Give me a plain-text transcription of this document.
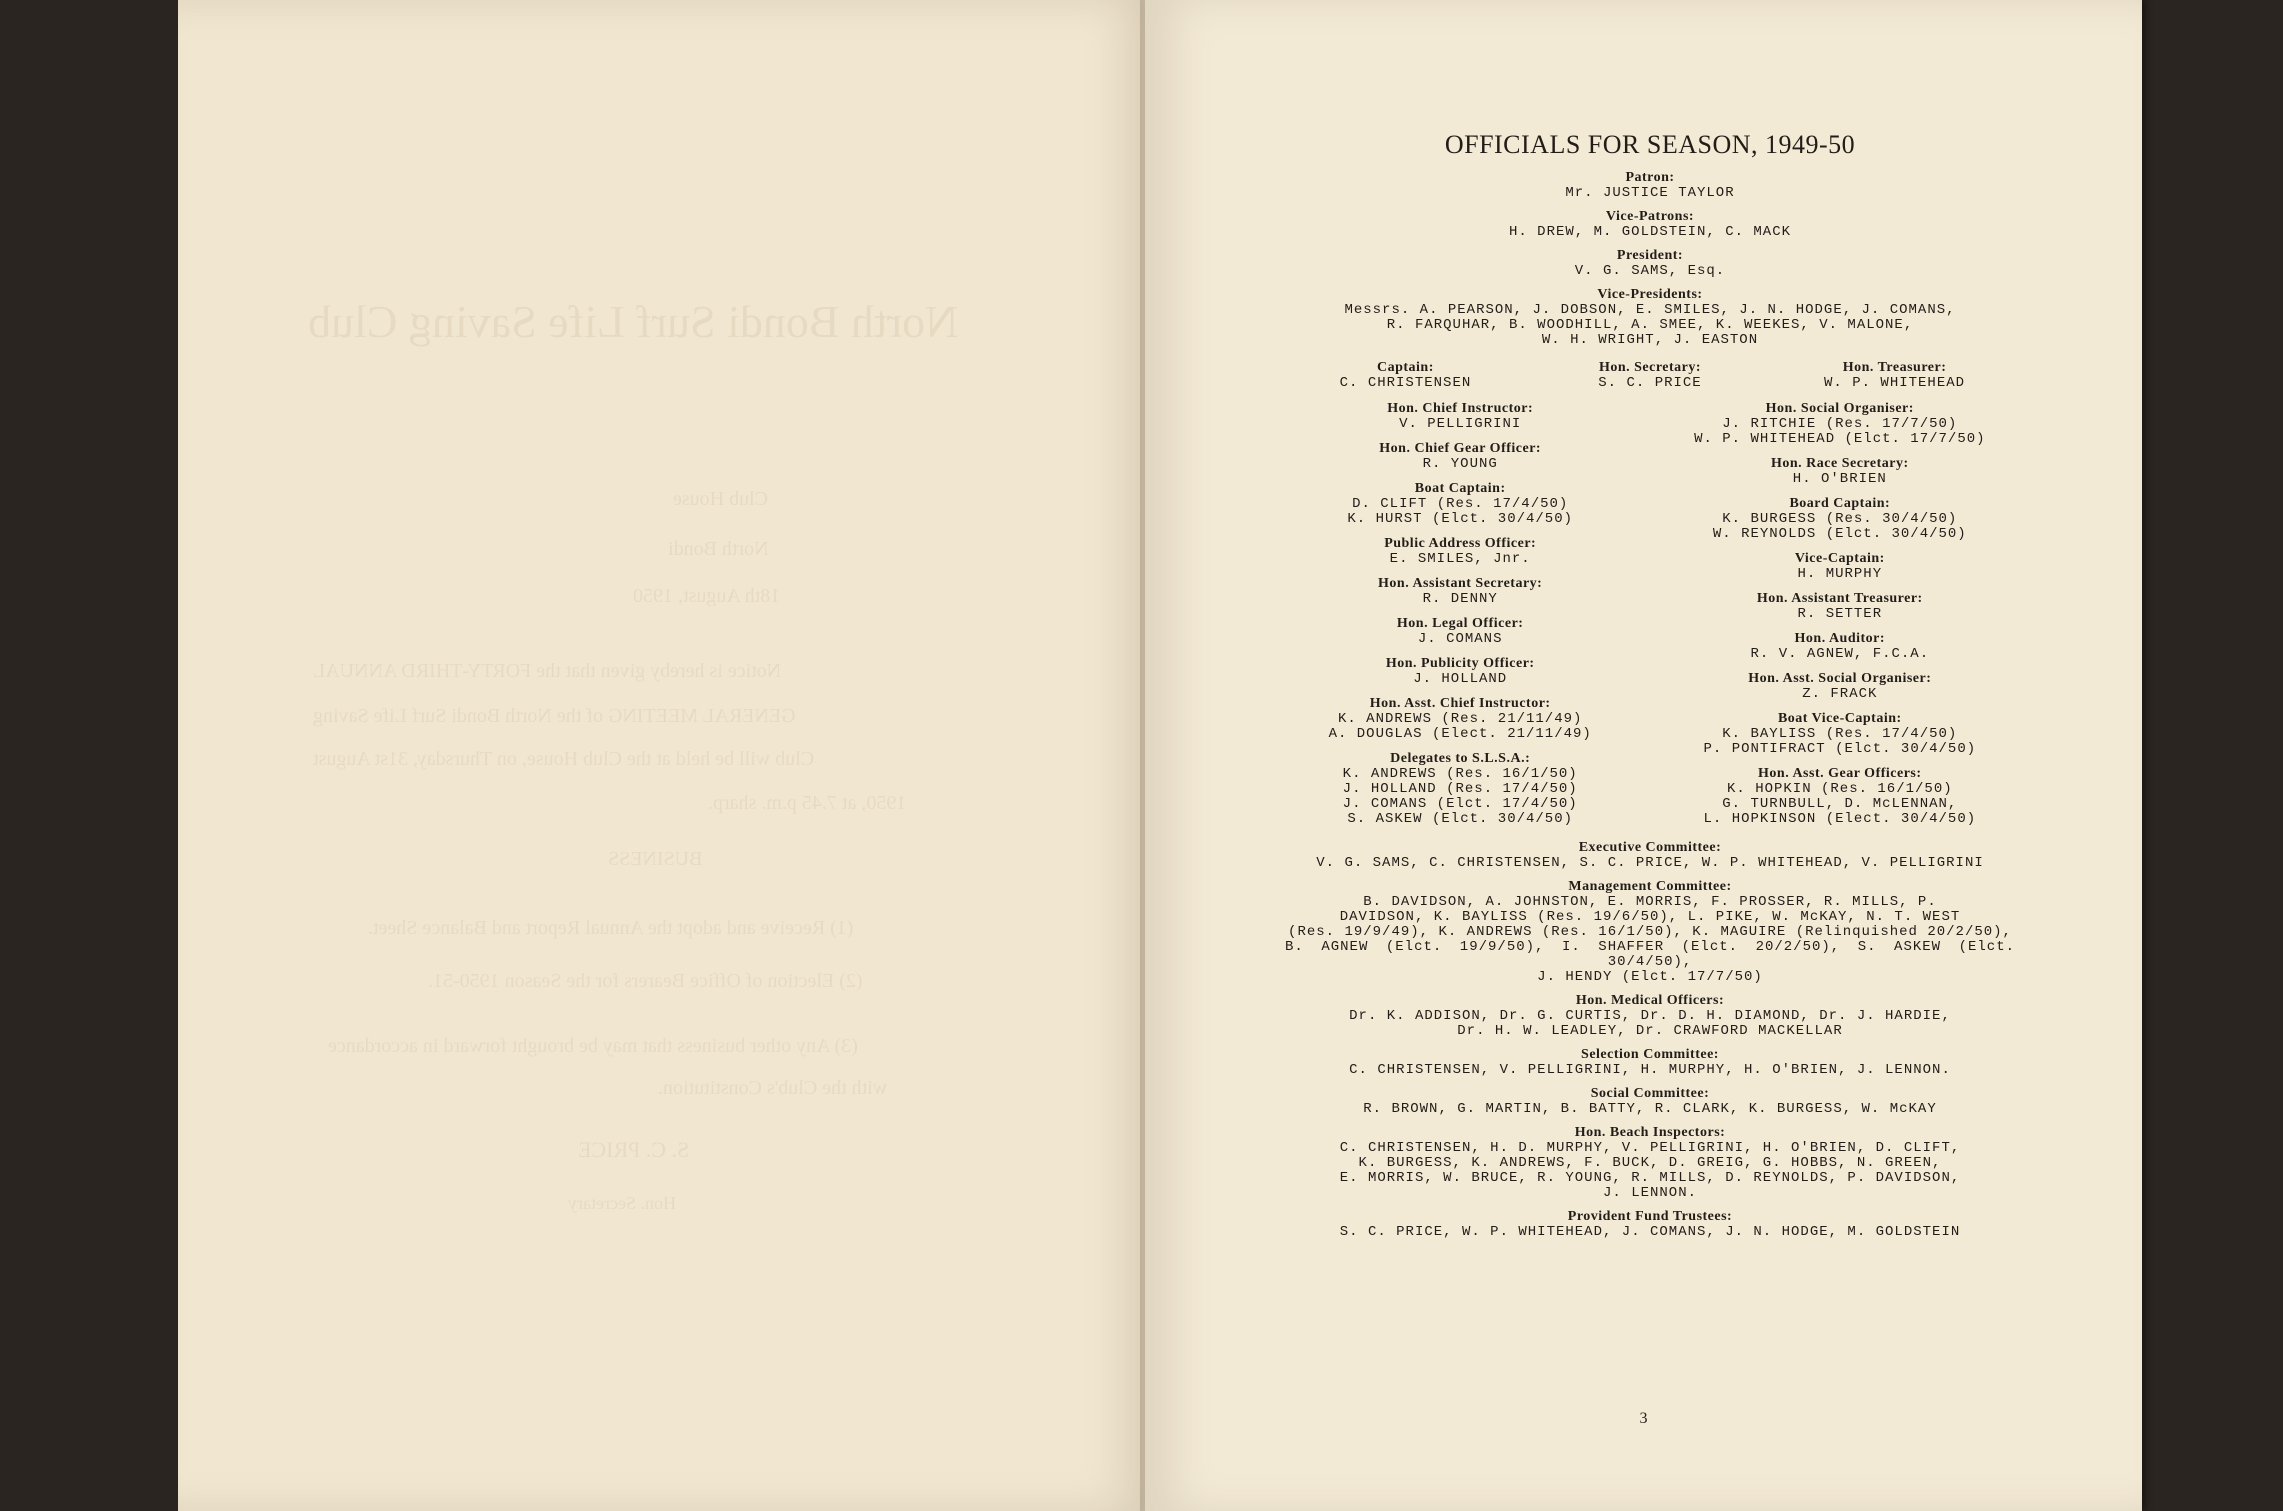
North Bondi Surf Life Saving Club
Club House
North Bondi
18th August, 1950
Notice is hereby given that the FORTY-THIRD ANNUAL
GENERAL MEETING of the North Bondi Surf Life Saving
Club will be held at the Club House, on Thursday, 31st August
1950, at 7.45 p.m. sharp.
BUSINESS
(1) Receive and adopt the Annual Report and Balance Sheet.
(2) Election of Office Bearers for the Season 1950-51.
(3) Any other business that may be brought forward in accordance
with the Club's Constitution.
S. C. PRICE
Hon. Secretary
OFFICIALS FOR SEASON, 1949-50
Patron:
Mr. JUSTICE TAYLOR
Vice-Patrons:
H. DREW, M. GOLDSTEIN, C. MACK
President:
V. G. SAMS, Esq.
Vice-Presidents:
Messrs. A. PEARSON, J. DOBSON, E. SMILES, J. N. HODGE, J. COMANS,
R. FARQUHAR, B. WOODHILL, A. SMEE, K. WEEKES, V. MALONE,
W. H. WRIGHT, J. EASTON
Captain:
C. CHRISTENSEN
Hon. Secretary:
S. C. PRICE
Hon. Treasurer:
W. P. WHITEHEAD
Hon. Chief Instructor:
V. PELLIGRINI
Hon. Chief Gear Officer:
R. YOUNG
Boat Captain:
D. CLIFT (Res. 17/4/50)
K. HURST (Elct. 30/4/50)
Public Address Officer:
E. SMILES, Jnr.
Hon. Assistant Secretary:
R. DENNY
Hon. Legal Officer:
J. COMANS
Hon. Publicity Officer:
J. HOLLAND
Hon. Asst. Chief Instructor:
K. ANDREWS (Res. 21/11/49)
A. DOUGLAS (Elect. 21/11/49)
Delegates to S.L.S.A.:
K. ANDREWS (Res. 16/1/50)
J. HOLLAND (Res. 17/4/50)
J. COMANS (Elct. 17/4/50)
S. ASKEW (Elct. 30/4/50)
Hon. Social Organiser:
J. RITCHIE (Res. 17/7/50)
W. P. WHITEHEAD (Elct. 17/7/50)
Hon. Race Secretary:
H. O'BRIEN
Board Captain:
K. BURGESS (Res. 30/4/50)
W. REYNOLDS (Elct. 30/4/50)
Vice-Captain:
H. MURPHY
Hon. Assistant Treasurer:
R. SETTER
Hon. Auditor:
R. V. AGNEW, F.C.A.
Hon. Asst. Social Organiser:
Z. FRACK
Boat Vice-Captain:
K. BAYLISS (Res. 17/4/50)
P. PONTIFRACT (Elct. 30/4/50)
Hon. Asst. Gear Officers:
K. HOPKIN (Res. 16/1/50)
G. TURNBULL, D. McLENNAN,
L. HOPKINSON (Elect. 30/4/50)
Executive Committee:
V. G. SAMS, C. CHRISTENSEN, S. C. PRICE, W. P. WHITEHEAD, V. PELLIGRINI
Management Committee:
B. DAVIDSON, A. JOHNSTON, E. MORRIS, F. PROSSER, R. MILLS, P.
DAVIDSON, K. BAYLISS (Res. 19/6/50), L. PIKE, W. McKAY, N. T. WEST
(Res. 19/9/49), K. ANDREWS (Res. 16/1/50), K. MAGUIRE (Relinquished 20/2/50),
B. AGNEW (Elct. 19/9/50), I. SHAFFER (Elct. 20/2/50), S. ASKEW (Elct. 30/4/50),
J. HENDY (Elct. 17/7/50)
Hon. Medical Officers:
Dr. K. ADDISON, Dr. G. CURTIS, Dr. D. H. DIAMOND, Dr. J. HARDIE,
Dr. H. W. LEADLEY, Dr. CRAWFORD MACKELLAR
Selection Committee:
C. CHRISTENSEN, V. PELLIGRINI, H. MURPHY, H. O'BRIEN, J. LENNON.
Social Committee:
R. BROWN, G. MARTIN, B. BATTY, R. CLARK, K. BURGESS, W. McKAY
Hon. Beach Inspectors:
C. CHRISTENSEN, H. D. MURPHY, V. PELLIGRINI, H. O'BRIEN, D. CLIFT,
K. BURGESS, K. ANDREWS, F. BUCK, D. GREIG, G. HOBBS, N. GREEN,
E. MORRIS, W. BRUCE, R. YOUNG, R. MILLS, D. REYNOLDS, P. DAVIDSON,
J. LENNON.
Provident Fund Trustees:
S. C. PRICE, W. P. WHITEHEAD, J. COMANS, J. N. HODGE, M. GOLDSTEIN
3
